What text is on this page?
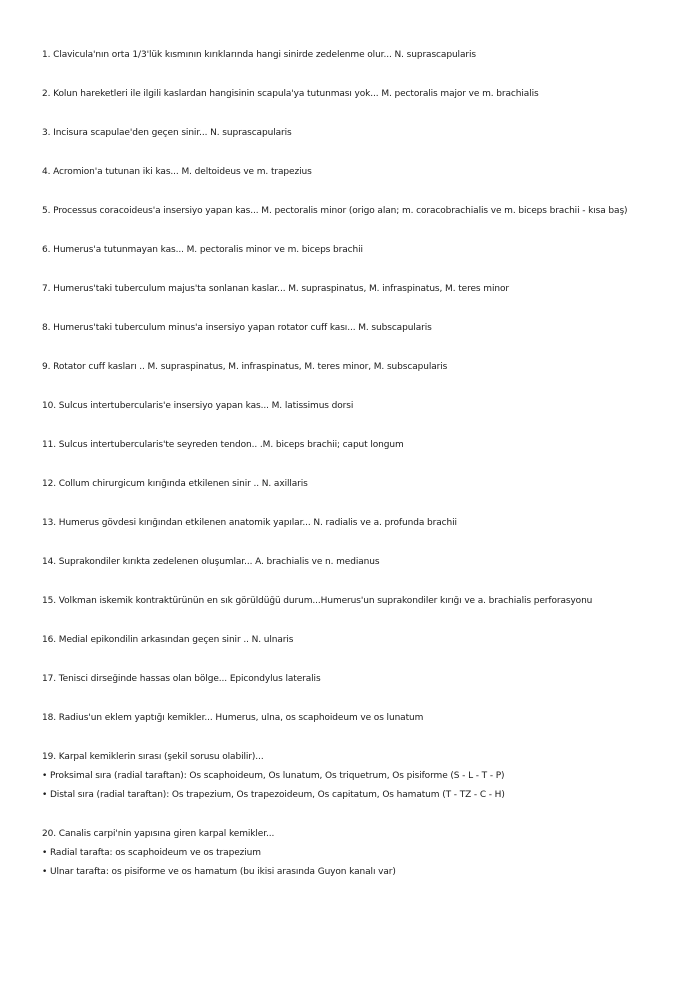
1. Clavicula'nın orta 1/3'lük kısmının kırıklarında hangi sinirde zedelenme olur... N. suprascapularis
2. Kolun hareketleri ile ilgili kaslardan hangisinin scapula'ya tutunması yok... M. pectoralis major ve m. brachialis
3. Incisura scapulae'den geçen sinir... N. suprascapularis
4. Acromion'a tutunan iki kas... M. deltoideus ve m. trapezius
5. Processus coracoideus'a insersiyo yapan kas... M. pectoralis minor (origo alan; m. coracobrachialis ve m. biceps brachii - kısa baş)
6. Humerus'a tutunmayan kas... M. pectoralis minor ve m. biceps brachii
7. Humerus'taki tuberculum majus'ta sonlanan kaslar... M. supraspinatus, M. infraspinatus, M. teres minor
8. Humerus'taki tuberculum minus'a insersiyo yapan rotator cuff kası... M. subscapularis
9. Rotator cuff kasları .. M. supraspinatus, M. infraspinatus, M. teres minor, M. subscapularis
10. Sulcus intertubercularis'e insersiyo yapan kas... M. latissimus dorsi
11. Sulcus intertubercularis'te seyreden tendon.. .M. biceps brachii; caput longum
12. Collum chirurgicum kırığında etkilenen sinir .. N. axillaris
13. Humerus gövdesi kırığından etkilenen anatomik yapılar... N. radialis ve a. profunda brachii
14. Suprakondiler kırıkta zedelenen oluşumlar... A. brachialis ve n. medianus
15. Volkman iskemik kontraktürünün en sık görüldüğü durum...Humerus'un suprakondiler kırığı ve a. brachialis perforasyonu
16. Medial epikondilin arkasından geçen sinir .. N. ulnaris
17. Tenisci dirseğinde hassas olan bölge... Epicondylus lateralis
18. Radius'un eklem yaptığı kemikler... Humerus, ulna, os scaphoideum ve os lunatum
19. Karpal kemiklerin sırası (şekil sorusu olabilir)...
• Proksimal sıra (radial taraftan): Os scaphoideum, Os lunatum, Os triquetrum, Os pisiforme (S - L - T - P)
• Distal sıra (radial taraftan): Os trapezium, Os trapezoideum, Os capitatum, Os hamatum (T - TZ - C - H)
20. Canalis carpi'nin yapısına giren karpal kemikler...
• Radial tarafta: os scaphoideum ve os trapezium
• Ulnar tarafta: os pisiforme ve os hamatum (bu ikisi arasında Guyon kanalı var)
